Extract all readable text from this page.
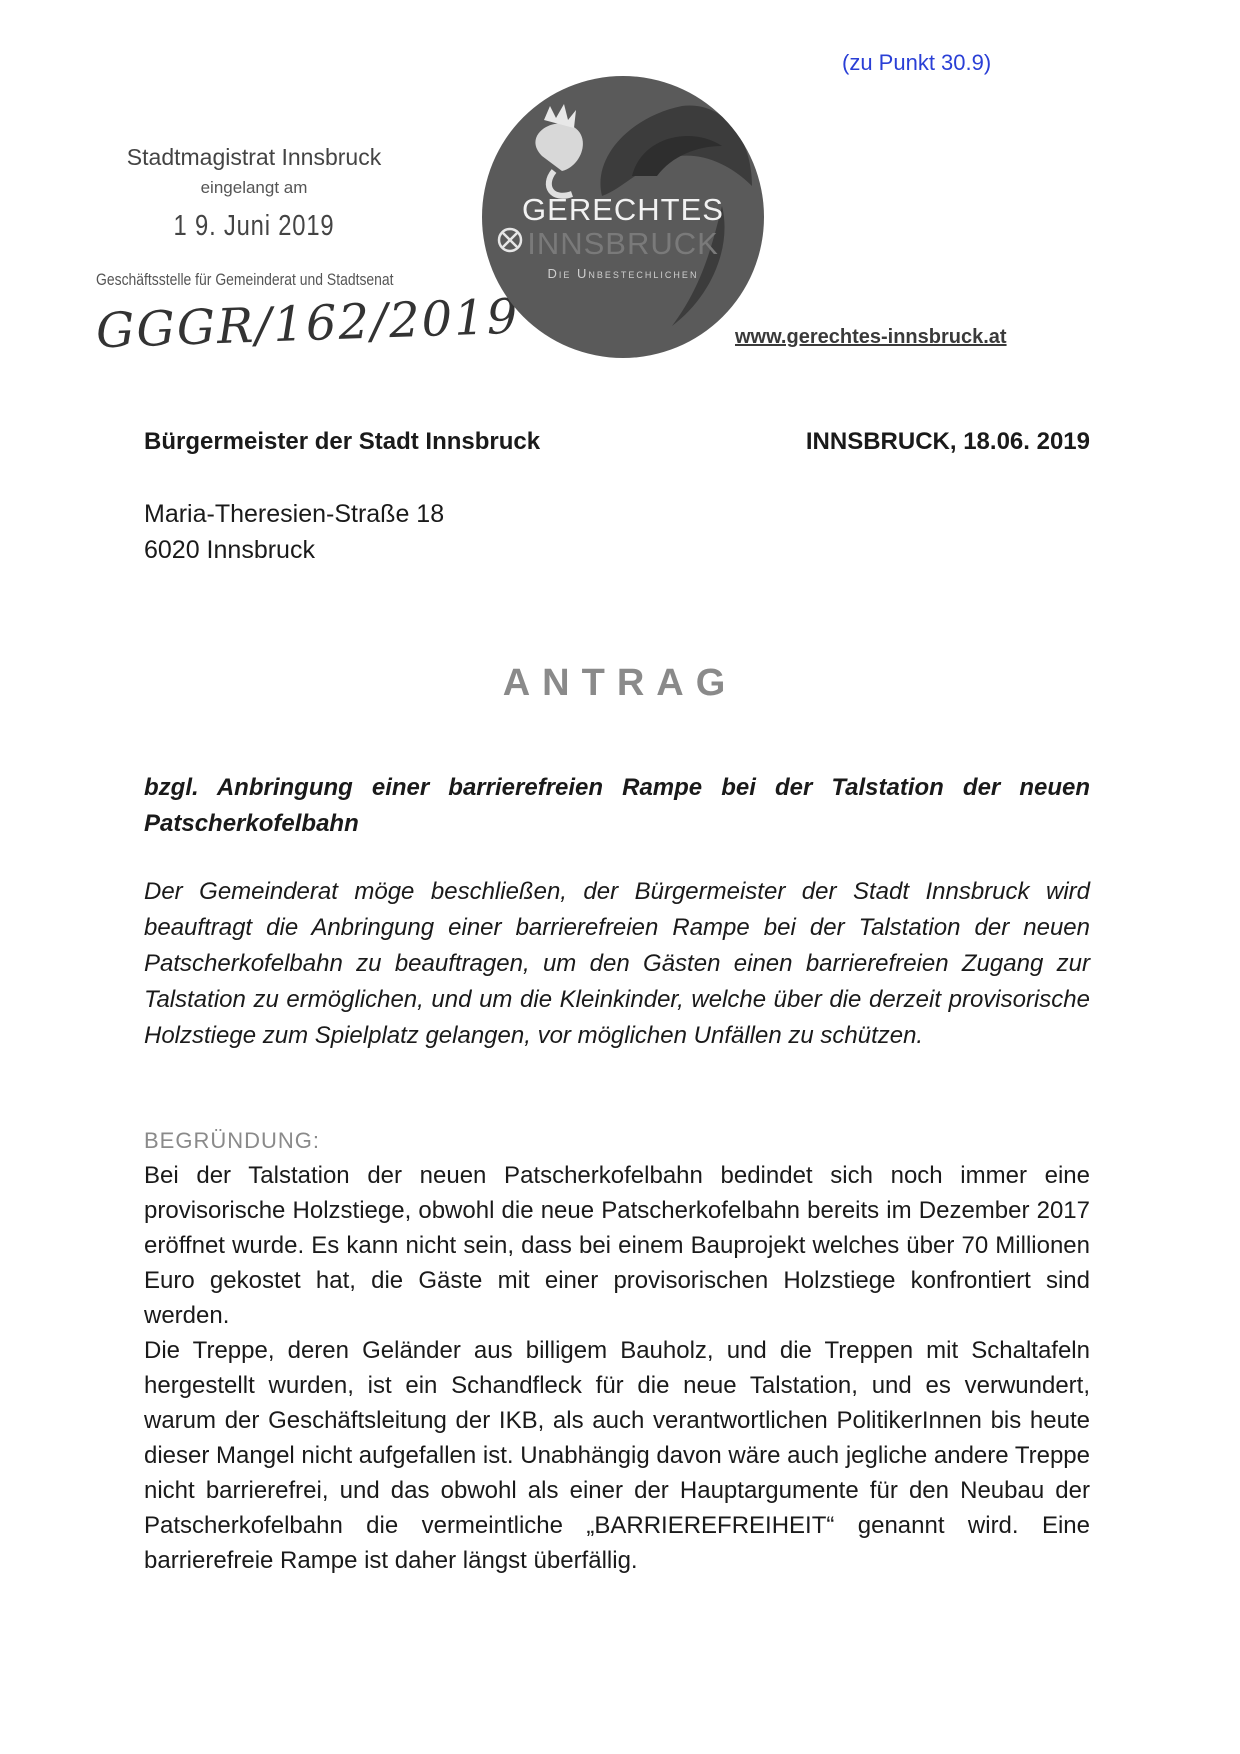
(zu Punkt 30.9)
Stadtmagistrat Innsbruck
eingelangt am
1 9. Juni 2019
Geschäftsstelle für Gemeinderat und Stadtsenat
GGGR/162/2019
GERECHTES
INNSBRUCK
Die Unbestechlichen
www.gerechtes-innsbruck.at
Bürgermeister der Stadt Innsbruck	INNSBRUCK, 18.06. 2019
Maria-Theresien-Straße 18
6020 Innsbruck
ANTRAG
bzgl. Anbringung einer barrierefreien Rampe bei der Talstation der neuen Patscherkofelbahn
Der Gemeinderat möge beschließen, der Bürgermeister der Stadt Innsbruck wird beauftragt die Anbringung einer barrierefreien Rampe bei der Talstation der neuen Patscherkofelbahn zu beauftragen, um den Gästen einen barrierefreien Zugang zur Talstation zu ermöglichen, und um die Kleinkinder, welche über die derzeit provisorische Holzstiege zum Spielplatz gelangen, vor möglichen Unfällen zu schützen.
BEGRÜNDUNG:
Bei der Talstation der neuen Patscherkofelbahn bedindet sich noch immer eine provisorische Holzstiege, obwohl die neue Patscherkofelbahn bereits im Dezember 2017 eröffnet wurde. Es kann nicht sein, dass bei einem Bauprojekt welches über 70 Millionen Euro gekostet hat, die Gäste mit einer provisorischen Holzstiege konfrontiert sind werden.
Die Treppe, deren Geländer aus billigem Bauholz, und die Treppen mit Schaltafeln hergestellt wurden, ist ein Schandfleck für die neue Talstation, und es verwundert, warum der Geschäftsleitung der IKB, als auch verantwortlichen PolitikerInnen bis heute dieser Mangel nicht aufgefallen ist. Unabhängig davon wäre auch jegliche andere Treppe nicht barrierefrei, und das obwohl als einer der Hauptargumente für den Neubau der Patscherkofelbahn die vermeintliche „BARRIEREFREIHEIT“ genannt wird. Eine barrierefreie Rampe ist daher längst überfällig.
